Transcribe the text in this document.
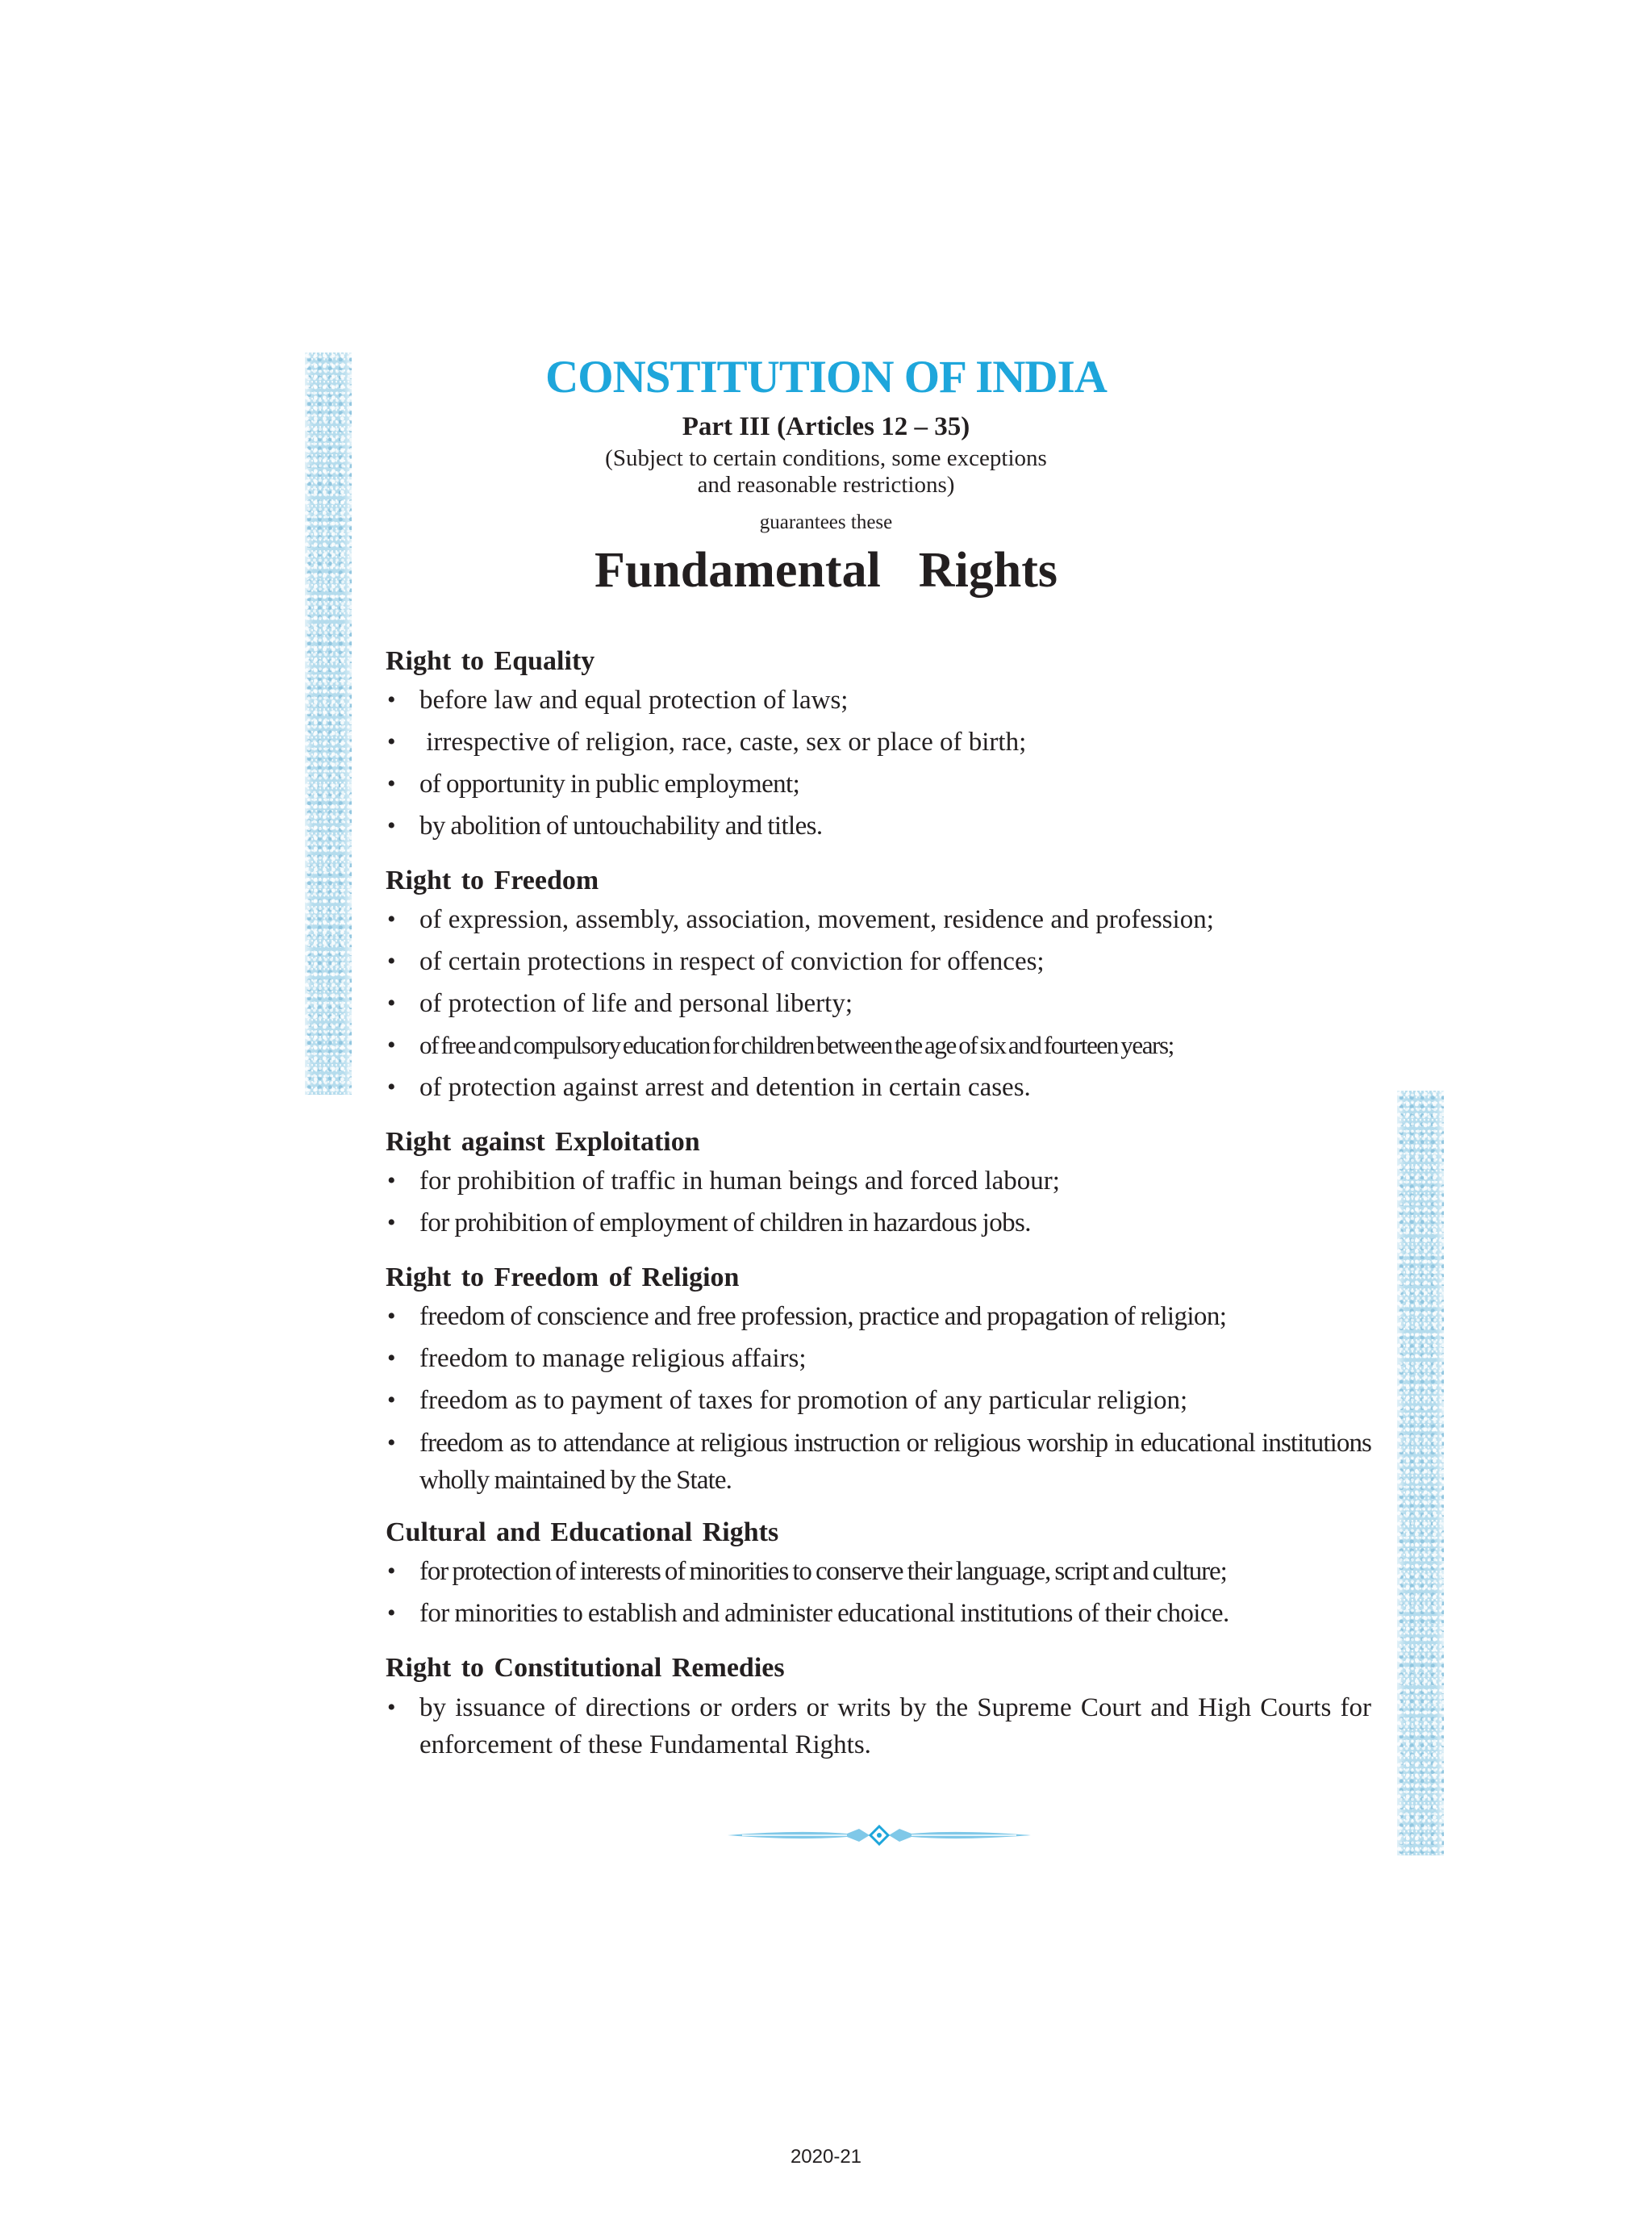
CONSTITUTION OF INDIA
Part III (Articles 12 – 35)
(Subject to certain conditions, some exceptions
and reasonable restrictions)
guarantees these
Fundamental  Rights
Right to Equality
• before law and equal protection of laws;
• irrespective of religion, race, caste, sex or place of birth;
• of opportunity in public employment;
• by abolition of untouchability and titles.
Right to Freedom
• of expression, assembly, association, movement, residence and profession;
• of certain protections in respect of conviction for offences;
• of protection of life and personal liberty;
• of free and compulsory education for children between the age of six and fourteen years;
• of protection against arrest and detention in certain cases.
Right against Exploitation
• for prohibition of traffic in human beings and forced labour;
• for prohibition of employment of children in hazardous jobs.
Right to Freedom of Religion
• freedom of conscience and free profession, practice and propagation of religion;
• freedom to manage religious affairs;
• freedom as to payment of taxes for promotion of any particular religion;
• freedom as to attendance at religious instruction or religious worship in educational institutions wholly maintained by the State.
Cultural and Educational Rights
• for protection of interests of minorities to conserve their language, script and culture;
• for minorities to establish and administer educational institutions of their choice.
Right to Constitutional Remedies
• by issuance of directions or orders or writs by the Supreme Court and High Courts for enforcement of these Fundamental Rights.
2020-21
